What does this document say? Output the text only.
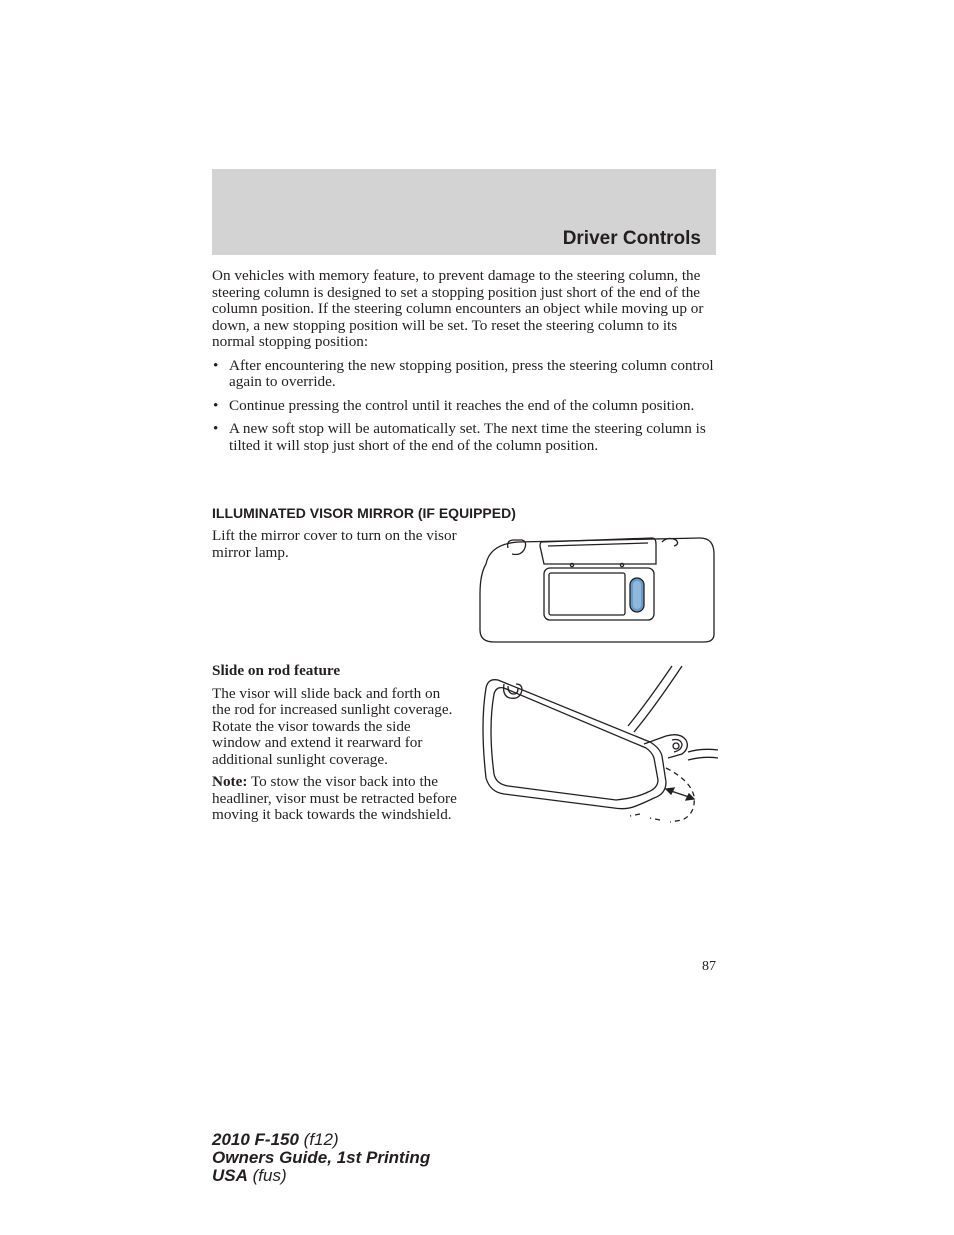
Driver Controls

On vehicles with memory feature, to prevent damage to the steering column, the steering column is designed to set a stopping position just short of the end of the column position. If the steering column encounters an object while moving up or down, a new stopping position will be set. To reset the steering column to its normal stopping position:

• After encountering the new stopping position, press the steering column control again to override.
• Continue pressing the control until it reaches the end of the column position.
• A new soft stop will be automatically set. The next time the steering column is tilted it will stop just short of the end of the column position.
ILLUMINATED VISOR MIRROR (IF EQUIPPED)

Lift the mirror cover to turn on the visor mirror lamp.

Slide on rod feature

The visor will slide back and forth on the rod for increased sunlight coverage. Rotate the visor towards the side window and extend it rearward for additional sunlight coverage.

Note: To stow the visor back into the headliner, visor must be retracted before moving it back towards the windshield.

87
2010 F-150 (f12)
Owners Guide, 1st Printing
USA (fus)
